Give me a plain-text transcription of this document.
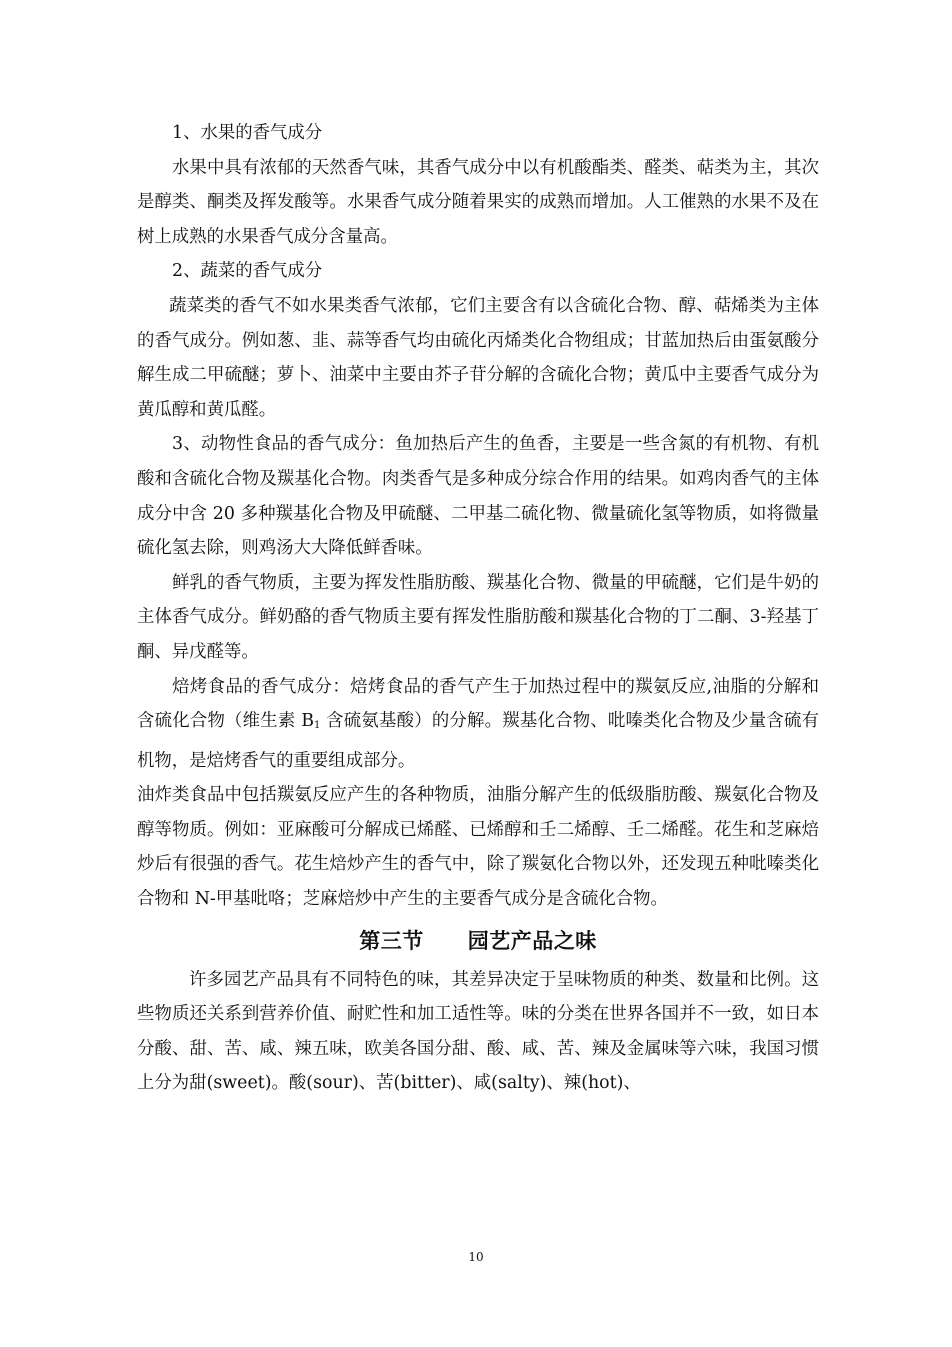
1、水果的香气成分

水果中具有浓郁的天然香气味，其香气成分中以有机酸酯类、醛类、萜类为主，其次是醇类、酮类及挥发酸等。水果香气成分随着果实的成熟而增加。人工催熟的水果不及在树上成熟的水果香气成分含量高。

2、蔬菜的香气成分

蔬菜类的香气不如水果类香气浓郁，它们主要含有以含硫化合物、醇、萜烯类为主体的香气成分。例如葱、韭、蒜等香气均由硫化丙烯类化合物组成；甘蓝加热后由蛋氨酸分解生成二甲硫醚；萝卜、油菜中主要由芥子苷分解的含硫化合物；黄瓜中主要香气成分为黄瓜醇和黄瓜醛。

3、动物性食品的香气成分：鱼加热后产生的鱼香，主要是一些含氮的有机物、有机酸和含硫化合物及羰基化合物。肉类香气是多种成分综合作用的结果。如鸡肉香气的主体成分中含 20 多种羰基化合物及甲硫醚、二甲基二硫化物、微量硫化氢等物质，如将微量硫化氢去除，则鸡汤大大降低鲜香味。

鲜乳的香气物质，主要为挥发性脂肪酸、羰基化合物、微量的甲硫醚，它们是牛奶的主体香气成分。鲜奶酪的香气物质主要有挥发性脂肪酸和羰基化合物的丁二酮、3-羟基丁酮、异戊醛等。

焙烤食品的香气成分：焙烤食品的香气产生于加热过程中的羰氨反应,油脂的分解和含硫化合物（维生素 $B_1$ 含硫氨基酸）的分解。羰基化合物、吡嗪类化合物及少量含硫有机物，是焙烤香气的重要组成部分。

油炸类食品中包括羰氨反应产生的各种物质，油脂分解产生的低级脂肪酸、羰氨化合物及醇等物质。例如：亚麻酸可分解成已烯醛、已烯醇和壬二烯醇、壬二烯醛。花生和芝麻焙炒后有很强的香气。花生焙炒产生的香气中，除了羰氨化合物以外，还发现五种吡嗪类化合物和 N-甲基吡咯；芝麻焙炒中产生的主要香气成分是含硫化合物。

第三节 园艺产品之味

许多园艺产品具有不同特色的味，其差异决定于呈味物质的种类、数量和比例。这些物质还关系到营养价值、耐贮性和加工适性等。味的分类在世界各国并不一致，如日本分酸、甜、苦、咸、辣五味，欧美各国分甜、酸、咸、苦、辣及金属味等六味，我国习惯上分为甜(sweet)。酸(sour)、苦(bitter)、咸(salty)、辣(hot)、

10
